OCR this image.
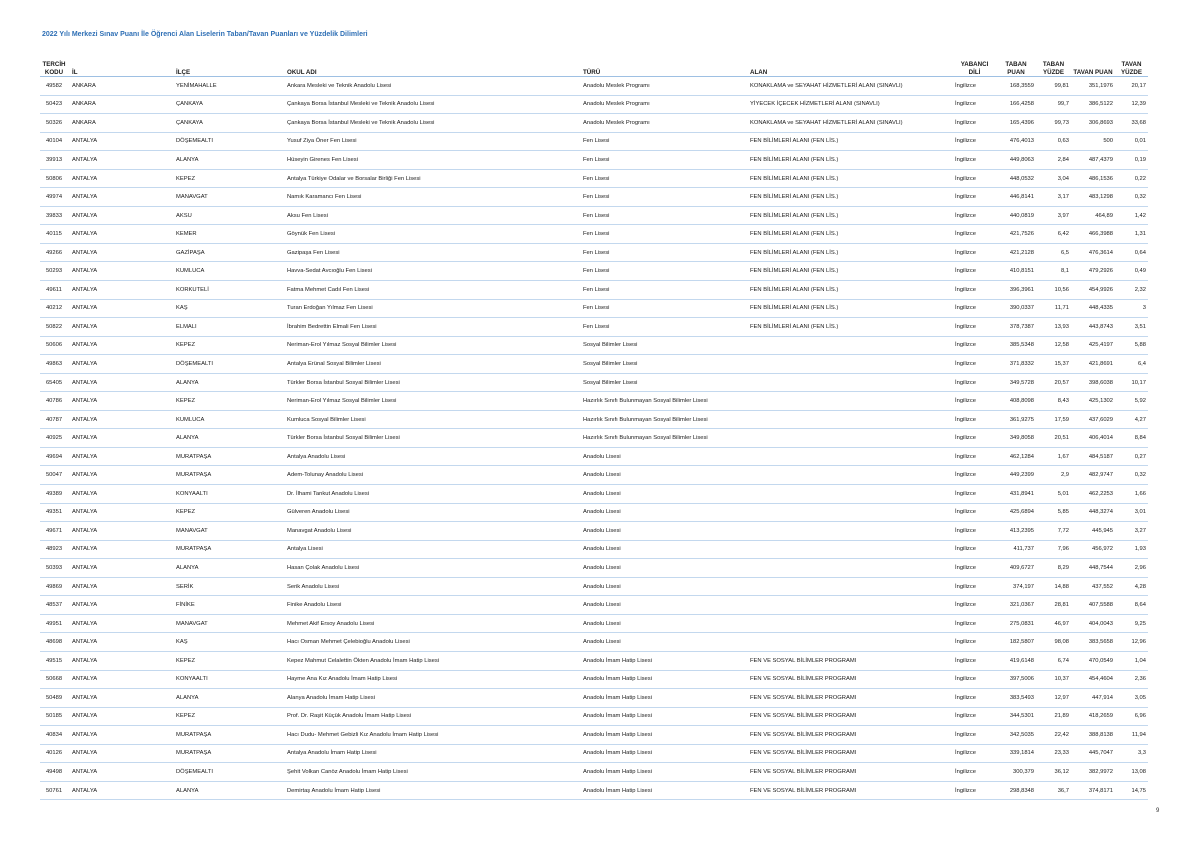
2022 Yılı Merkezi Sınav Puanı İle Öğrenci Alan Liselerin Taban/Tavan Puanları ve Yüzdelik Dilimleri
TERCİH KODU	İL	İLÇE	OKUL ADI	TÜRÜ	ALAN	YABANCI DİLİ	TABAN PUAN	TABAN YÜZDE	TAVAN PUAN	TAVAN YÜZDE
49582	ANKARA	YENİMAHALLE	Ankara Mesleki ve Teknik Anadolu Lisesi	Anadolu Meslek Programı	KONAKLAMA ve SEYAHAT HİZMETLERİ ALANI (SINAVLI)	İngilizce	168,3559	99,81	351,1976	20,17
50423	ANKARA	ÇANKAYA	Çankaya Borsa İstanbul Mesleki ve Teknik Anadolu Lisesi	Anadolu Meslek Programı	YİYECEK İÇECEK HİZMETLERİ ALANI (SINAVLI)	İngilizce	166,4258	99,7	386,5122	12,39
50326	ANKARA	ÇANKAYA	Çankaya Borsa İstanbul Mesleki ve Teknik Anadolu Lisesi	Anadolu Meslek Programı	KONAKLAMA ve SEYAHAT HİZMETLERİ ALANI (SINAVLI)	İngilizce	165,4396	99,73	306,8693	33,68
40104	ANTALYA	DÖŞEMEALTI	Yusuf Ziya Öner Fen Lisesi	Fen Lisesi	FEN BİLİMLERİ ALANI (FEN LİS.)	İngilizce	476,4013	0,63	500	0,01
39913	ANTALYA	ALANYA	Hüseyin Girenes Fen Lisesi	Fen Lisesi	FEN BİLİMLERİ ALANI (FEN LİS.)	İngilizce	449,8063	2,84	487,4379	0,19
50806	ANTALYA	KEPEZ	Antalya Türkiye Odalar ve Borsalar Birliği Fen Lisesi	Fen Lisesi	FEN BİLİMLERİ ALANI (FEN LİS.)	İngilizce	448,0532	3,04	486,1536	0,22
49974	ANTALYA	MANAVGAT	Namık Karamancı Fen Lisesi	Fen Lisesi	FEN BİLİMLERİ ALANI (FEN LİS.)	İngilizce	446,8141	3,17	483,1298	0,32
39833	ANTALYA	AKSU	Aksu Fen Lisesi	Fen Lisesi	FEN BİLİMLERİ ALANI (FEN LİS.)	İngilizce	440,0819	3,97	464,89	1,42
40115	ANTALYA	KEMER	Göynük Fen Lisesi	Fen Lisesi	FEN BİLİMLERİ ALANI (FEN LİS.)	İngilizce	421,7526	6,42	466,3988	1,31
49266	ANTALYA	GAZİPAŞA	Gazipaşa Fen Lisesi	Fen Lisesi	FEN BİLİMLERİ ALANI (FEN LİS.)	İngilizce	421,2128	6,5	476,3614	0,64
50293	ANTALYA	KUMLUCA	Havva-Sedat Avcıoğlu Fen Lisesi	Fen Lisesi	FEN BİLİMLERİ ALANI (FEN LİS.)	İngilizce	410,8151	8,1	479,2926	0,49
49611	ANTALYA	KORKUTELİ	Fatma Mehmet Cadıl Fen Lisesi	Fen Lisesi	FEN BİLİMLERİ ALANI (FEN LİS.)	İngilizce	396,3961	10,56	454,9926	2,32
40212	ANTALYA	KAŞ	Turan Erdoğan Yılmaz Fen Lisesi	Fen Lisesi	FEN BİLİMLERİ ALANI (FEN LİS.)	İngilizce	390,0337	11,71	448,4335	3
50822	ANTALYA	ELMALI	İbrahim Bedrettin Elmali Fen Lisesi	Fen Lisesi	FEN BİLİMLERİ ALANI (FEN LİS.)	İngilizce	378,7387	13,93	443,8743	3,51
50606	ANTALYA	KEPEZ	Neriman-Erol Yılmaz Sosyal Bilimler Lisesi	Sosyal Bilimler Lisesi		İngilizce	385,5348	12,58	425,4197	5,88
49863	ANTALYA	DÖŞEMEALTI	Antalya Erünal Sosyal Bilimler Lisesi	Sosyal Bilimler Lisesi		İngilizce	371,8332	15,37	421,8691	6,4
65405	ANTALYA	ALANYA	Türkler Borsa İstanbul Sosyal Bilimler Lisesi	Sosyal Bilimler Lisesi		İngilizce	349,5728	20,57	398,6038	10,17
40786	ANTALYA	KEPEZ	Neriman-Erol Yılmaz Sosyal Bilimler Lisesi	Hazırlık Sınıfı Bulunmayan Sosyal Bilimler Lisesi		İngilizce	408,8098	8,43	425,1302	5,92
40787	ANTALYA	KUMLUCA	Kumluca Sosyal Bilimler Lisesi	Hazırlık Sınıfı Bulunmayan Sosyal Bilimler Lisesi		İngilizce	361,9275	17,59	437,6029	4,27
40925	ANTALYA	ALANYA	Türkler Borsa İstanbul Sosyal Bilimler Lisesi	Hazırlık Sınıfı Bulunmayan Sosyal Bilimler Lisesi		İngilizce	349,8058	20,51	406,4014	8,84
49694	ANTALYA	MURATPAŞA	Antalya Anadolu Lisesi	Anadolu Lisesi		İngilizce	462,1284	1,67	484,5187	0,27
50047	ANTALYA	MURATPAŞA	Adem-Tolunay Anadolu Lisesi	Anadolu Lisesi		İngilizce	449,2399	2,9	482,9747	0,32
49389	ANTALYA	KONYAALTI	Dr. İlhami Tankut Anadolu Lisesi	Anadolu Lisesi		İngilizce	431,8941	5,01	462,2253	1,66
49351	ANTALYA	KEPEZ	Gülveren Anadolu Lisesi	Anadolu Lisesi		İngilizce	425,6894	5,85	448,3274	3,01
49671	ANTALYA	MANAVGAT	Manavgat Anadolu Lisesi	Anadolu Lisesi		İngilizce	413,2395	7,72	445,945	3,27
48923	ANTALYA	MURATPAŞA	Antalya Lisesi	Anadolu Lisesi		İngilizce	411,737	7,96	456,972	1,93
50393	ANTALYA	ALANYA	Hasan Çolak Anadolu Lisesi	Anadolu Lisesi		İngilizce	409,6727	8,29	448,7544	2,96
49869	ANTALYA	SERİK	Serik Anadolu Lisesi	Anadolu Lisesi		İngilizce	374,197	14,88	437,552	4,28
48537	ANTALYA	FİNİKE	Finike Anadolu Lisesi	Anadolu Lisesi		İngilizce	321,0367	28,81	407,5588	8,64
49951	ANTALYA	MANAVGAT	Mehmet Akif Ersoy Anadolu Lisesi	Anadolu Lisesi		İngilizce	275,0831	46,97	404,0043	9,25
48698	ANTALYA	KAŞ	Hacı Osman Mehmet Çelebioğlu Anadolu Lisesi	Anadolu Lisesi		İngilizce	182,5807	98,08	383,5658	12,96
49515	ANTALYA	KEPEZ	Kepez Mahmut Celalettin Ökten Anadolu İmam Hatip Lisesi	Anadolu İmam Hatip Lisesi	FEN VE SOSYAL BİLİMLER PROGRAMI	İngilizce	419,6148	6,74	470,0549	1,04
50668	ANTALYA	KONYAALTI	Hayme Ana Kız Anadolu İmam Hatip Lisesi	Anadolu İmam Hatip Lisesi	FEN VE SOSYAL BİLİMLER PROGRAMI	İngilizce	397,5006	10,37	454,4604	2,36
50489	ANTALYA	ALANYA	Alanya Anadolu İmam Hatip Lisesi	Anadolu İmam Hatip Lisesi	FEN VE SOSYAL BİLİMLER PROGRAMI	İngilizce	383,5493	12,97	447,914	3,05
50185	ANTALYA	KEPEZ	Prof. Dr. Raşit Küçük Anadolu İmam Hatip Lisesi	Anadolu İmam Hatip Lisesi	FEN VE SOSYAL BİLİMLER PROGRAMI	İngilizce	344,5301	21,89	418,2659	6,96
40834	ANTALYA	MURATPAŞA	Hacı Dudu- Mehmet Gebizli Kız Anadolu İmam Hatip Lisesi	Anadolu İmam Hatip Lisesi	FEN VE SOSYAL BİLİMLER PROGRAMI	İngilizce	342,5035	22,42	388,8138	11,94
40126	ANTALYA	MURATPAŞA	Antalya Anadolu İmam Hatip Lisesi	Anadolu İmam Hatip Lisesi	FEN VE SOSYAL BİLİMLER PROGRAMI	İngilizce	339,1814	23,33	445,7047	3,3
49498	ANTALYA	DÖŞEMEALTI	Şehit Volkan Canöz Anadolu İmam Hatip Lisesi	Anadolu İmam Hatip Lisesi	FEN VE SOSYAL BİLİMLER PROGRAMI	İngilizce	300,379	36,12	382,9972	13,08
50761	ANTALYA	ALANYA	Demirtaş Anadolu İmam Hatip Lisesi	Anadolu İmam Hatip Lisesi	FEN VE SOSYAL BİLİMLER PROGRAMI	İngilizce	298,8348	36,7	374,8171	14,75
9
